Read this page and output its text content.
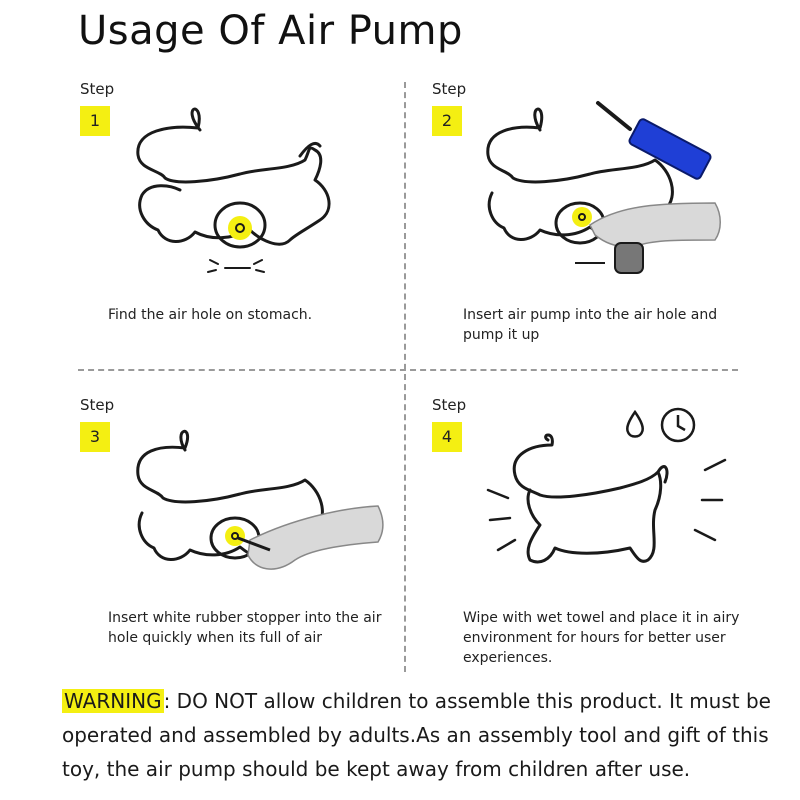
Usage Of Air Pump
Step
1
Find the air hole on stomach.
Step
2
Insert air pump into the air hole and pump it up
Step
3
Insert white rubber stopper into the air hole quickly when its full of air
Step
4
Wipe with wet towel and place it in airy environment for hours for better user experiences.
WARNING : DO NOT allow children to assemble this product. It must be operated and assembled by adults.As an assembly tool and gift of this toy, the air pump should be kept away from children after use.
